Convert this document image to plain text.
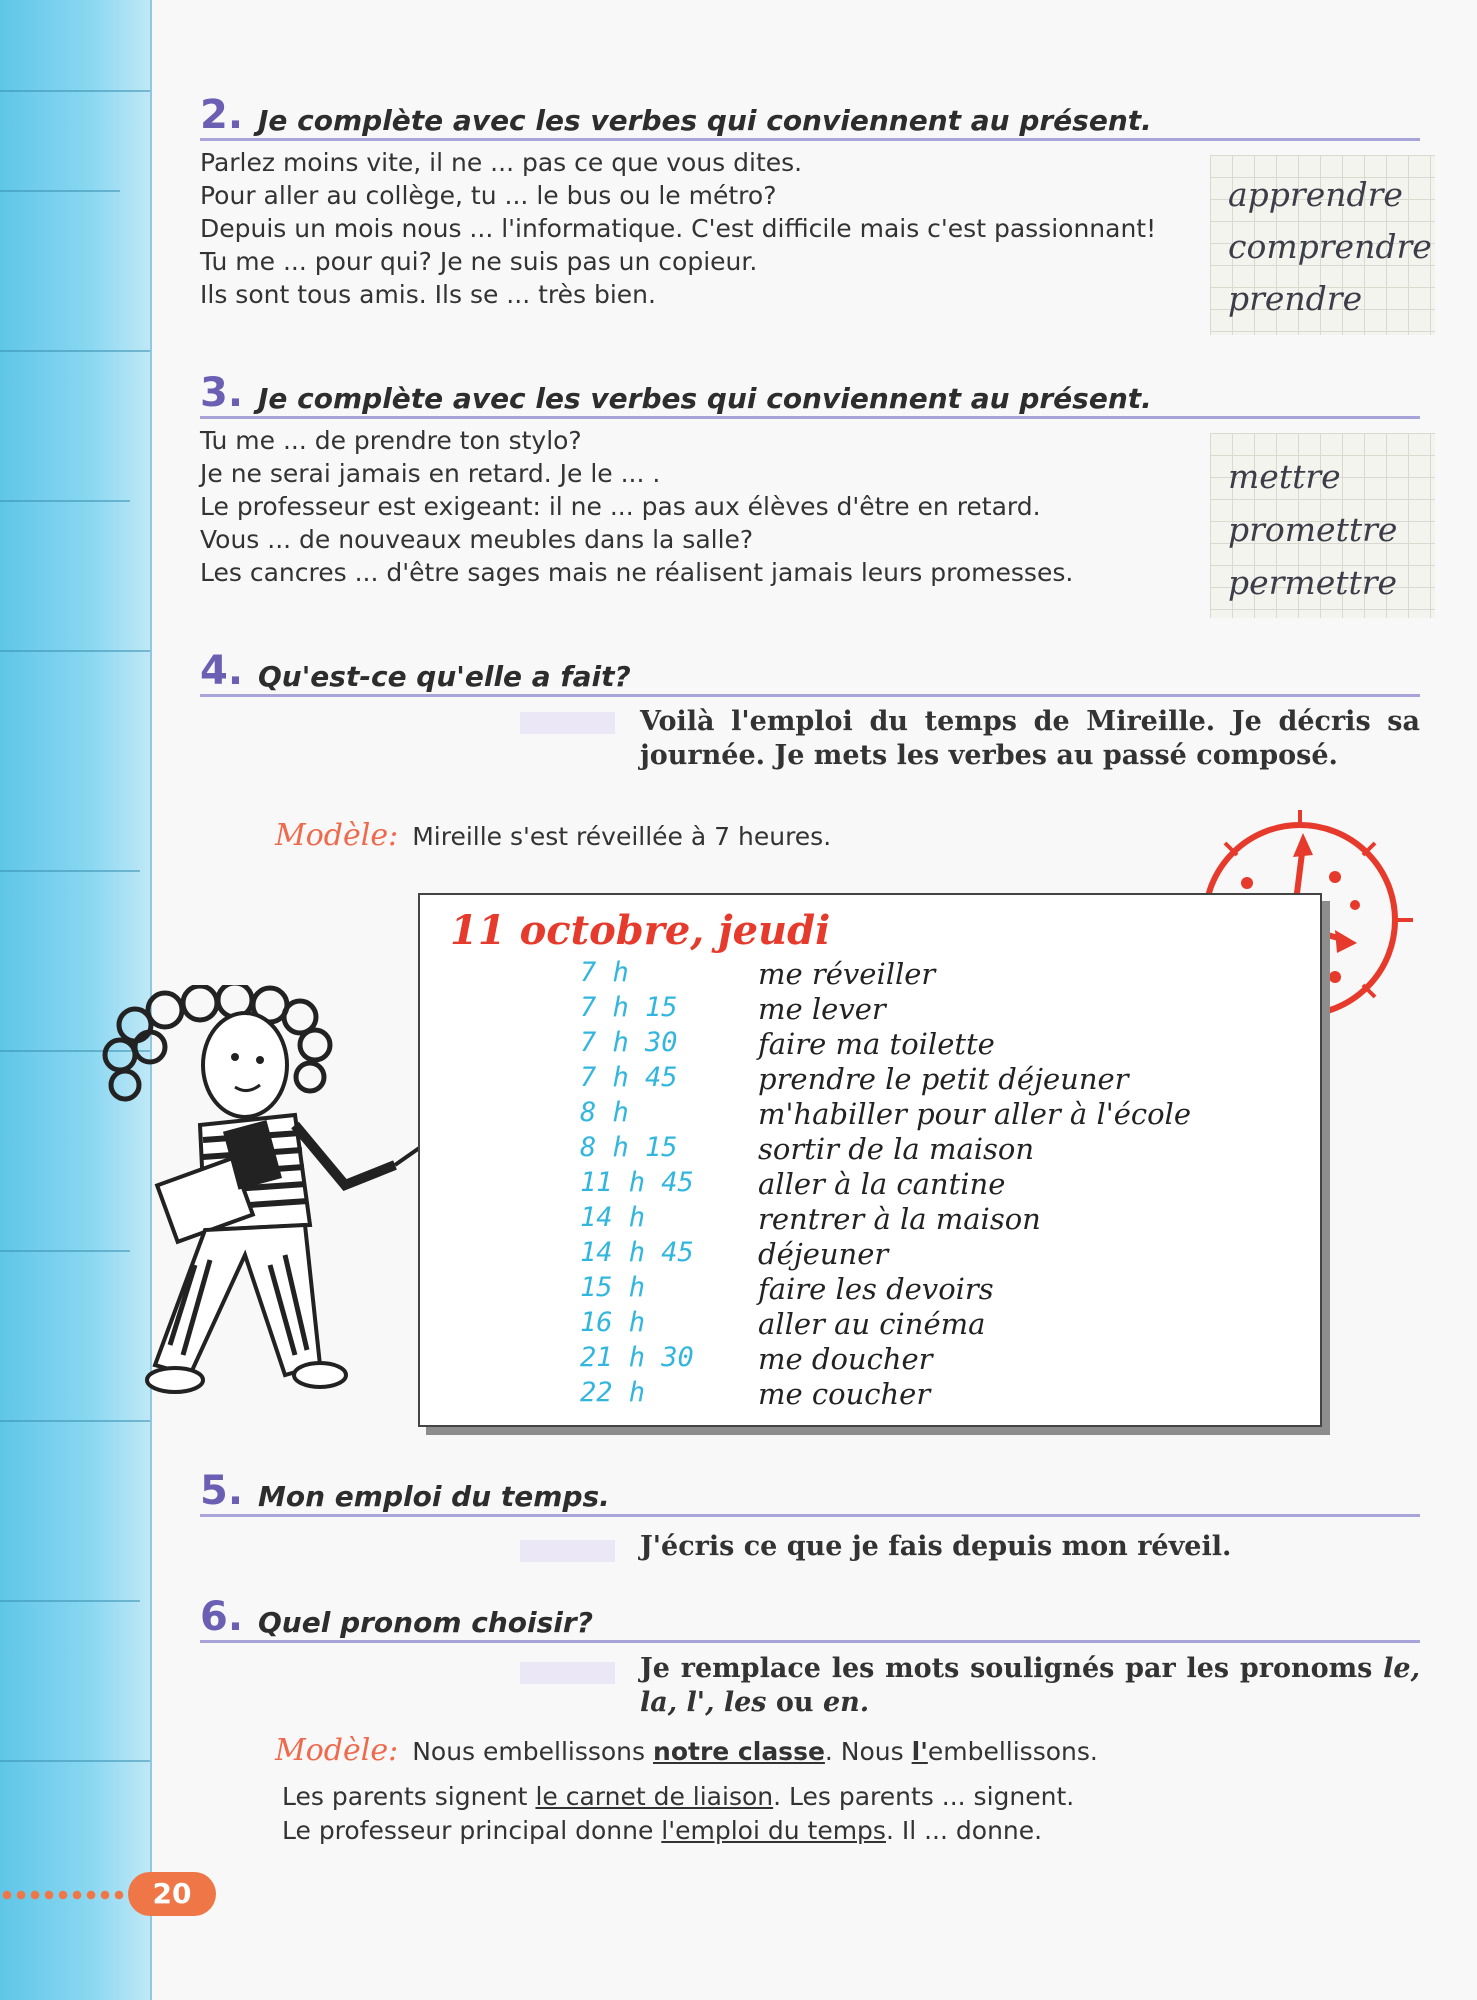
2. Je complète avec les verbes qui conviennent au présent.
Parlez moins vite, il ne ... pas ce que vous dites.
Pour aller au collège, tu ... le bus ou le métro?
Depuis un mois nous ... l'informatique. C'est difficile mais c'est passionnant!
Tu me ... pour qui? Je ne suis pas un copieur.
Ils sont tous amis. Ils se ... très bien.
apprendre
comprendre
prendre
3. Je complète avec les verbes qui conviennent au présent.
Tu me ... de prendre ton stylo?
Je ne serai jamais en retard. Je le ... .
Le professeur est exigeant: il ne ... pas aux élèves d'être en retard.
Vous ... de nouveaux meubles dans la salle?
Les cancres ... d'être sages mais ne réalisent jamais leurs promesses.
mettre
promettre
permettre
4. Qu'est-ce qu'elle a fait?
Voilà l'emploi du temps de Mireille. Je décris sa journée. Je mets les verbes au passé composé.
Modèle: Mireille s'est réveillée à 7 heures.
11 octobre, jeudi
7 h	me réveiller
7 h 15	me lever
7 h 30	faire ma toilette
7 h 45	prendre le petit déjeuner
8 h	m'habiller pour aller à l'école
8 h 15	sortir de la maison
11 h 45 aller à la cantine
14 h	rentrer à la maison
14 h 45 déjeuner
15 h	faire les devoirs
16 h	aller au cinéma
21 h 30 me doucher
22 h	me coucher
5. Mon emploi du temps.
J'écris ce que je fais depuis mon réveil.
6. Quel pronom choisir?
Je remplace les mots soulignés par les pronoms le, la, l', les ou en.
Modèle: Nous embellissons notre classe. Nous l'embellissons.
Les parents signent le carnet de liaison. Les parents ... signent.
Le professeur principal donne l'emploi du temps. Il ... donne.
20
